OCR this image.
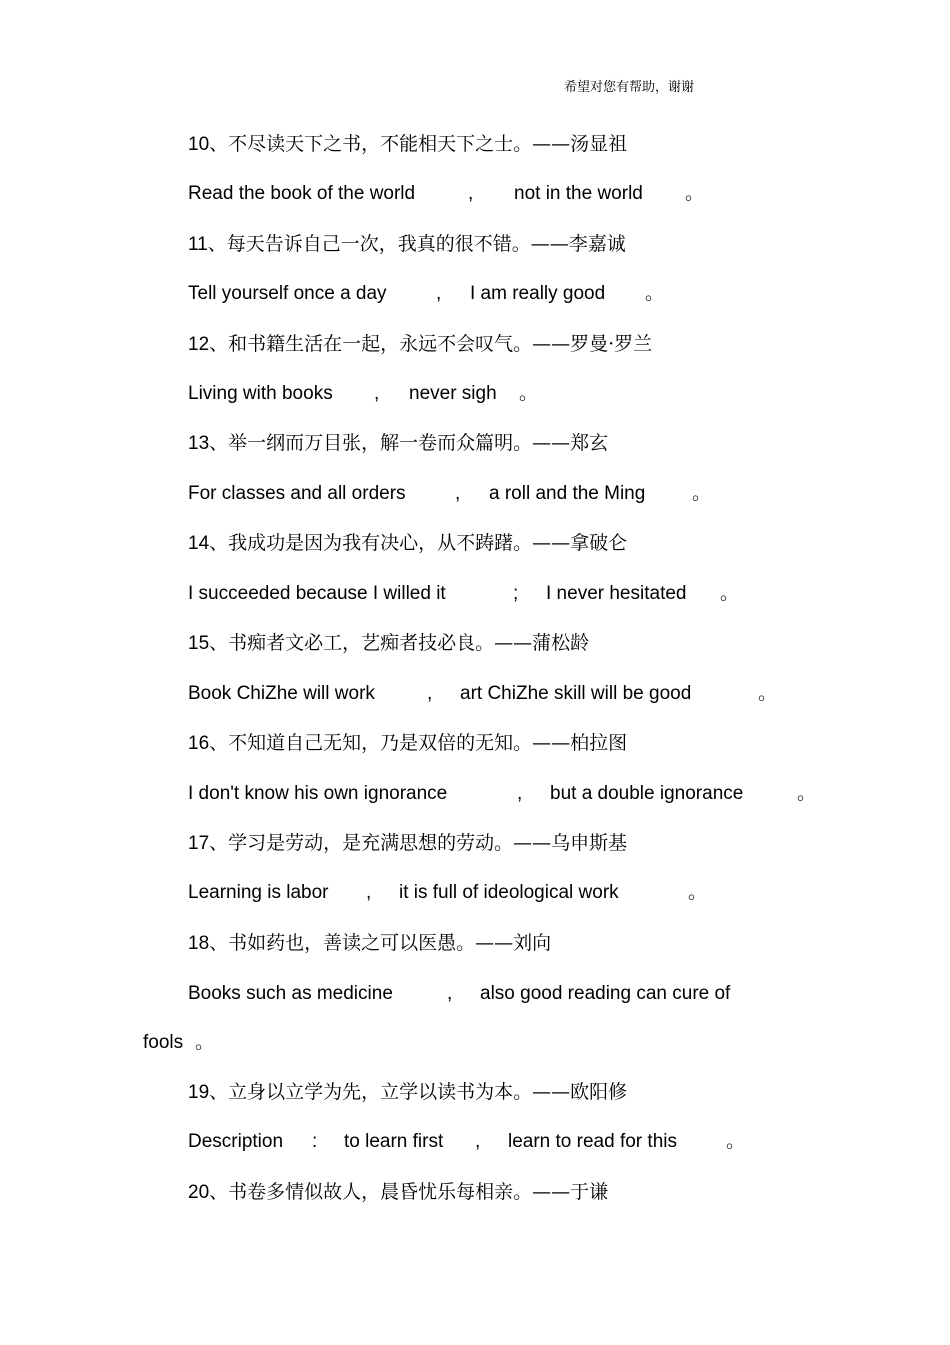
希望对您有帮助，谢谢
10、不尽读天下之书，不能相天下之士。——汤显祖
Read the book of the world	, not in the world 。
11、每天告诉自己一次，我真的很不错。——李嘉诚
Tell yourself once a day	, I am really good 。
12、和书籍生活在一起，永远不会叹气。——罗曼·罗兰
Living with books , never sigh 。
13、举一纲而万目张，解一卷而众篇明。——郑玄
For classes and all orders	, a roll and the Ming 。
14、我成功是因为我有决心，从不踌躇。——拿破仑
I succeeded because I willed it	; I never hesitated 。
15、书痴者文必工，艺痴者技必良。——蒲松龄
Book ChiZhe will work	, art ChiZhe skill will be good	。
16、不知道自己无知，乃是双倍的无知。——柏拉图
I don't know his own ignorance	, but a double ignorance	。
17、学习是劳动，是充满思想的劳动。——乌申斯基
Learning is labor , it is full of ideological work	。
18、书如药也，善读之可以医愚。——刘向
Books such as medicine	, also good reading can cure of
fools 。
19、立身以立学为先，立学以读书为本。——欧阳修
Description : to learn first , learn to read for this	。
20、书卷多情似故人，晨昏忧乐每相亲。——于谦
